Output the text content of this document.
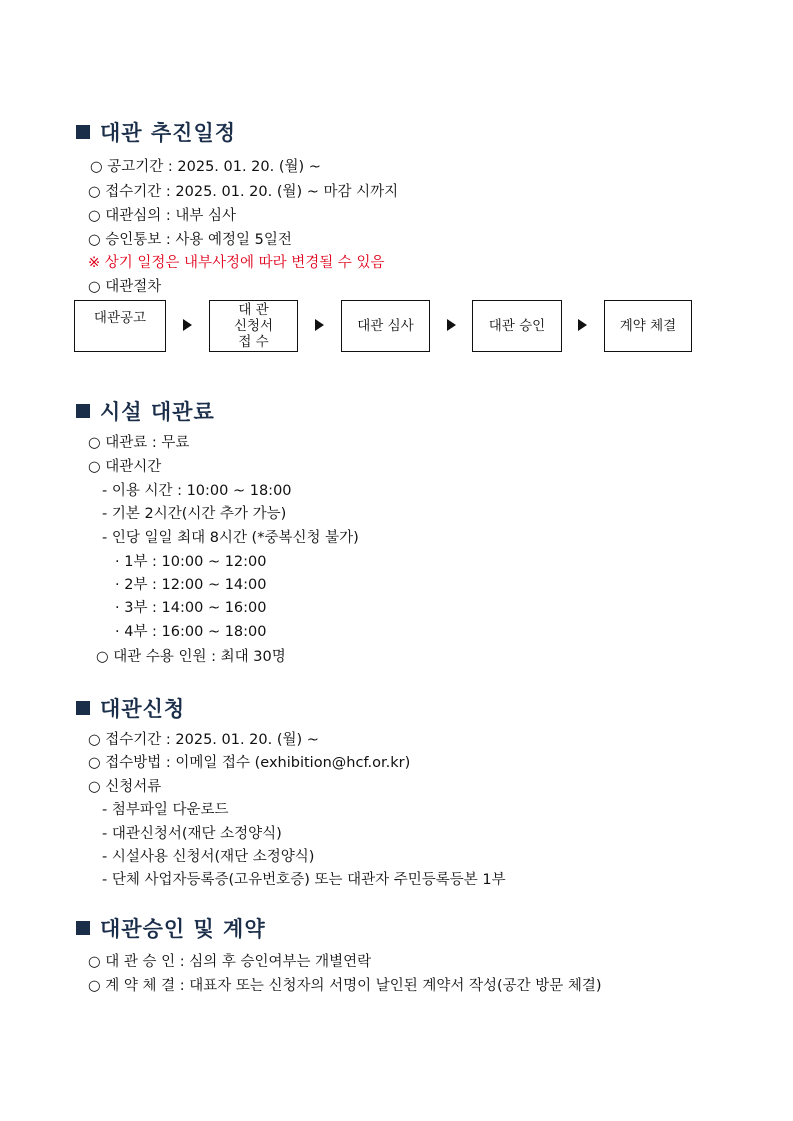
대관 추진일정
○ 공고기간 : 2025. 01. 20. (월) ~
○ 접수기간 : 2025. 01. 20. (월) ~ 마감 시까지
○ 대관심의 : 내부 심사
○ 승인통보 : 사용 예정일 5일전
※ 상기 일정은 내부사정에 따라 변경될 수 있음
○ 대관절차
대관공고	대 관
신청서
접 수
대관 심사	대관 승인	계약 체결
시설 대관료
○ 대관료 : 무료
○ 대관시간
- 이용 시간 : 10:00 ~ 18:00
- 기본 2시간(시간 추가 가능)
- 인당 일일 최대 8시간 (*중복신청 불가)
· 1부 : 10:00 ~ 12:00
· 2부 : 12:00 ~ 14:00
· 3부 : 14:00 ~ 16:00
· 4부 : 16:00 ~ 18:00
○ 대관 수용 인원 : 최대 30명
대관신청
○ 접수기간 : 2025. 01. 20. (월) ~
○ 접수방법 : 이메일 접수 (exhibition@hcf.or.kr)
○ 신청서류
- 첨부파일 다운로드
- 대관신청서(재단 소정양식)
- 시설사용 신청서(재단 소정양식)
- 단체 사업자등록증(고유번호증) 또는 대관자 주민등록등본 1부
대관승인 및 계약
○ 대 관 승 인 : 심의 후 승인여부는 개별연락
○ 계 약 체 결 : 대표자 또는 신청자의 서명이 날인된 계약서 작성(공간 방문 체결)
